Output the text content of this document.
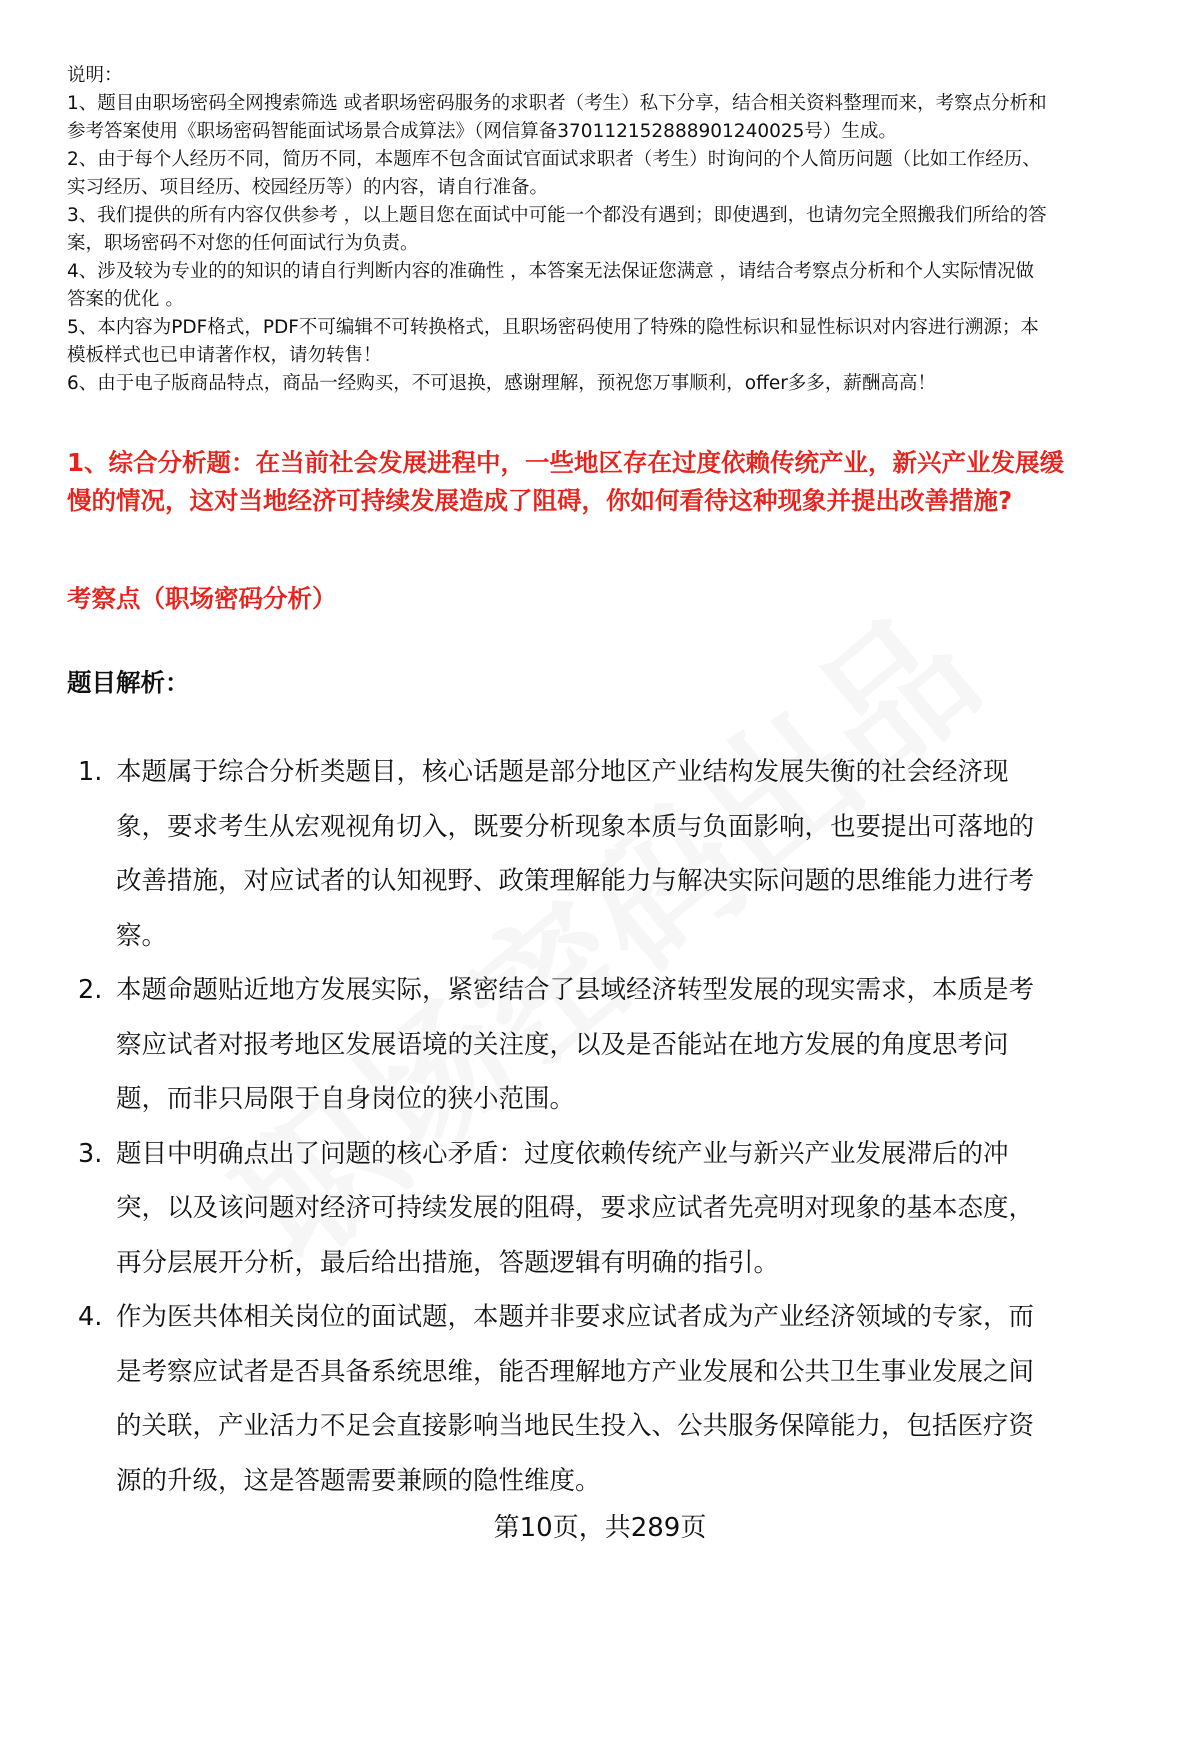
说明：

1、题目由职场密码全网搜索筛选 或者职场密码服务的求职者（考生）私下分享，结合相关资料整理而来，考察点分析和参考答案使用《职场密码智能面试场景合成算法》（网信算备370112152888901240025号）生成。

2、由于每个人经历不同，简历不同，本题库不包含面试官面试求职者（考生）时询问的个人简历问题（比如工作经历、实习经历、项目经历、校园经历等）的内容，请自行准备。

3、我们提供的所有内容仅供参考 ，以上题目您在面试中可能一个都没有遇到；即使遇到，也请勿完全照搬我们所给的答案，职场密码不对您的任何面试行为负责。

4、涉及较为专业的的知识的请自行判断内容的准确性 ，本答案无法保证您满意 ，请结合考察点分析和个人实际情况做答案的优化 。

5、本内容为PDF格式，PDF不可编辑不可转换格式，且职场密码使用了特殊的隐性标识和显性标识对内容进行溯源；本模板样式也已申请著作权，请勿转售！

6、由于电子版商品特点，商品一经购买，不可退换，感谢理解，预祝您万事顺利，offer多多，薪酬高高！

1、综合分析题：在当前社会发展进程中，一些地区存在过度依赖传统产业，新兴产业发展缓慢的情况，这对当地经济可持续发展造成了阻碍，你如何看待这种现象并提出改善措施?
考察点（职场密码分析）
题目解析：
1. 本题属于综合分析类题目，核心话题是部分地区产业结构发展失衡的社会经济现象，要求考生从宏观视角切入，既要分析现象本质与负面影响，也要提出可落地的改善措施，对应试者的认知视野、政策理解能力与解决实际问题的思维能力进行考察。
2. 本题命题贴近地方发展实际，紧密结合了县域经济转型发展的现实需求，本质是考察应试者对报考地区发展语境的关注度，以及是否能站在地方发展的角度思考问题，而非只局限于自身岗位的狭小范围。
3. 题目中明确点出了问题的核心矛盾：过度依赖传统产业与新兴产业发展滞后的冲突，以及该问题对经济可持续发展的阻碍，要求应试者先亮明对现象的基本态度，再分层展开分析，最后给出措施，答题逻辑有明确的指引。
4. 作为医共体相关岗位的面试题，本题并非要求应试者成为产业经济领域的专家，而是考察应试者是否具备系统思维，能否理解地方产业发展和公共卫生事业发展之间的关联，产业活力不足会直接影响当地民生投入、公共服务保障能力，包括医疗资源的升级，这是答题需要兼顾的隐性维度。
第10页，共289页
